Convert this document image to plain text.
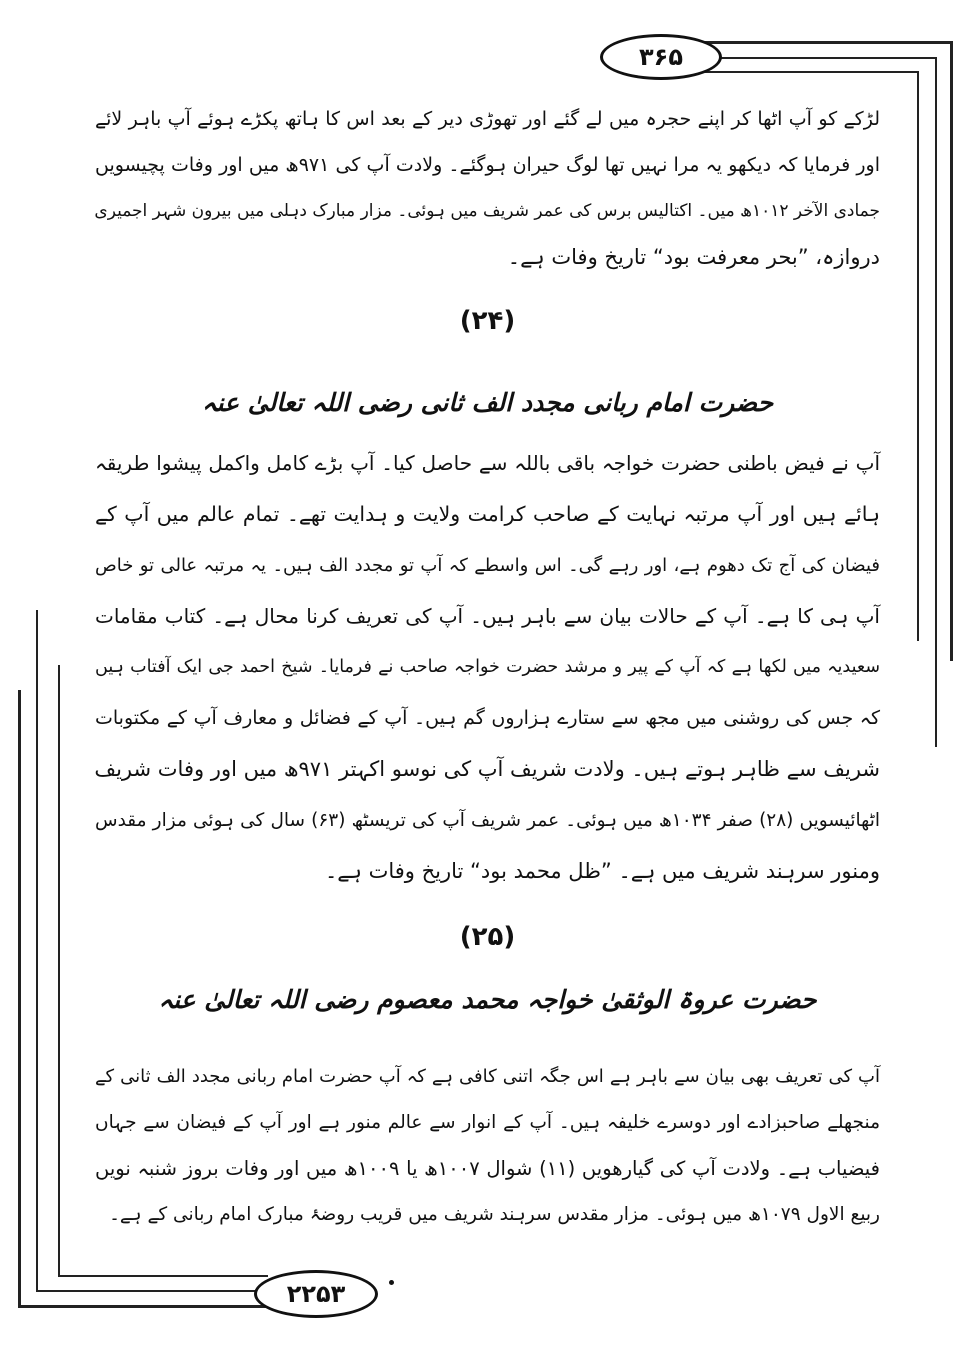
۳۶۵
۲۲۵۳
لڑکے کو آپ اٹھا کر اپنے حجرہ میں لے گئے اور تھوڑی دیر کے بعد اس کا ہاتھ پکڑے ہوئے آپ باہر لائے
اور فرمایا کہ دیکھو یہ مرا نہیں تھا لوگ حیران ہوگئے۔ ولادت آپ کی ۹۷۱ھ میں اور وفات پچیسویں
جمادی الآخر ۱۰۱۲ھ میں۔ اکتالیس برس کی عمر شریف میں ہوئی۔ مزار مبارک دہلی میں بیرون شہر اجمیری
دروازہ، ”بحر معرفت بود“ تاریخ وفات ہے۔
(۲۴)
حضرت امام ربانی مجدد الف ثانی رضی اللہ تعالیٰ عنہ
آپ نے فیض باطنی حضرت خواجہ باقی باللہ سے حاصل کیا۔ آپ بڑے کامل واکمل پیشوا طریقہ
ہائے ہیں اور آپ مرتبہ نہایت کے صاحب کرامت ولایت و ہدایت تھے۔ تمام عالم میں آپ کے
فیضان کی آج تک دھوم ہے، اور رہے گی۔ اس واسطے کہ آپ تو مجدد الف ہیں۔ یہ مرتبہ عالی تو خاص
آپ ہی کا ہے۔ آپ کے حالات بیان سے باہر ہیں۔ آپ کی تعریف کرنا محال ہے۔ کتاب مقامات
سعیدیہ میں لکھا ہے کہ آپ کے پیر و مرشد حضرت خواجہ صاحب نے فرمایا۔ شیخ احمد جی ایک آفتاب ہیں
کہ جس کی روشنی میں مجھ سے ستارے ہزاروں گم ہیں۔ آپ کے فضائل و معارف آپ کے مکتوبات
شریف سے ظاہر ہوتے ہیں۔ ولادت شریف آپ کی نوسو اکہتر ۹۷۱ھ میں اور وفات شریف
اٹھائیسویں (۲۸) صفر ۱۰۳۴ھ میں ہوئی۔ عمر شریف آپ کی تریسٹھ (۶۳) سال کی ہوئی مزار مقدس
ومنور سرہند شریف میں ہے۔ ”ظل محمد بود“ تاریخ وفات ہے۔
(۲۵)
حضرت عروۃ الوثقیٰ خواجہ محمد معصوم رضی اللہ تعالیٰ عنہ
آپ کی تعریف بھی بیان سے باہر ہے اس جگہ اتنی کافی ہے کہ آپ حضرت امام ربانی مجدد الف ثانی کے
منجھلے صاحبزادے اور دوسرے خلیفہ ہیں۔ آپ کے انوار سے عالم منور ہے اور آپ کے فیضان سے جہاں
فیضیاب ہے۔ ولادت آپ کی گیارھویں (۱۱) شوال ۱۰۰۷ھ یا ۱۰۰۹ھ میں اور وفات بروز شنبہ نویں
ربیع الاول ۱۰۷۹ھ میں ہوئی۔ مزار مقدس سرہند شریف میں قریب روضۂ مبارک امام ربانی کے ہے۔
